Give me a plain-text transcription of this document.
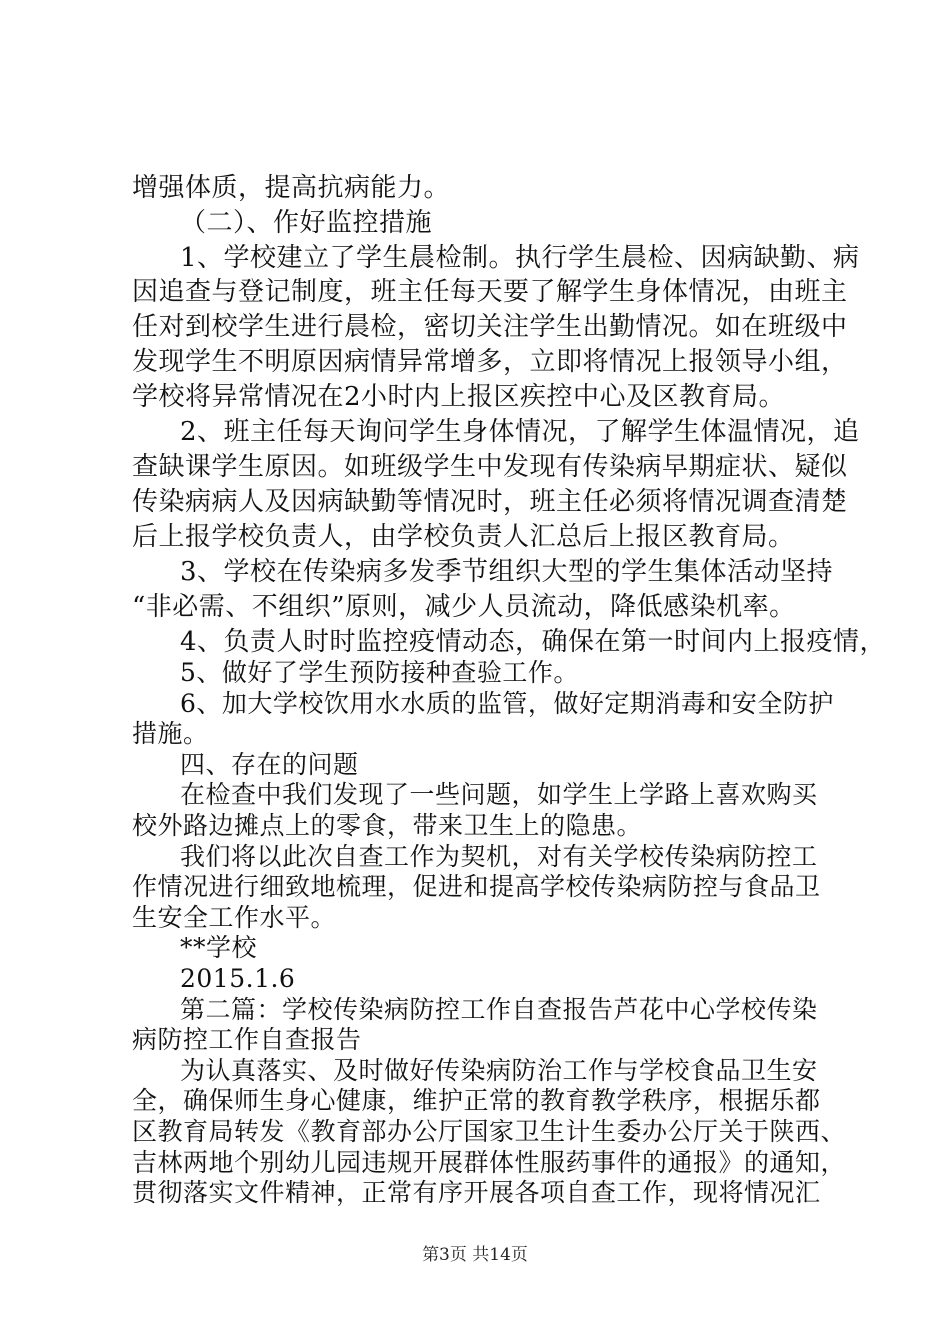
增强体质，提高抗病能力。
（二）、作好监控措施
1、学校建立了学生晨检制。执行学生晨检、因病缺勤、病
因追查与登记制度，班主任每天要了解学生身体情况，由班主
任对到校学生进行晨检，密切关注学生出勤情况。如在班级中
发现学生不明原因病情异常增多，立即将情况上报领导小组，
学校将异常情况在2小时内上报区疾控中心及区教育局。
2、班主任每天询问学生身体情况，了解学生体温情况，追
查缺课学生原因。如班级学生中发现有传染病早期症状、疑似
传染病病人及因病缺勤等情况时，班主任必须将情况调查清楚
后上报学校负责人，由学校负责人汇总后上报区教育局。
3、学校在传染病多发季节组织大型的学生集体活动坚持
“非必需、不组织”原则，减少人员流动，降低感染机率。
4、负责人时时监控疫情动态，确保在第一时间内上报疫情，
5、做好了学生预防接种查验工作。
6、加大学校饮用水水质的监管，做好定期消毒和安全防护
措施。
四、存在的问题
在检查中我们发现了一些问题，如学生上学路上喜欢购买
校外路边摊点上的零食，带来卫生上的隐患。
我们将以此次自查工作为契机，对有关学校传染病防控工
作情况进行细致地梳理，促进和提高学校传染病防控与食品卫
生安全工作水平。
**学校
2015.1.6
第二篇：学校传染病防控工作自查报告芦花中心学校传染
病防控工作自查报告
为认真落实、及时做好传染病防治工作与学校食品卫生安
全，确保师生身心健康，维护正常的教育教学秩序，根据乐都
区教育局转发《教育部办公厅国家卫生计生委办公厅关于陕西、
吉林两地个别幼儿园违规开展群体性服药事件的通报》的通知，
贯彻落实文件精神，正常有序开展各项自查工作，现将情况汇
第3页 共14页
